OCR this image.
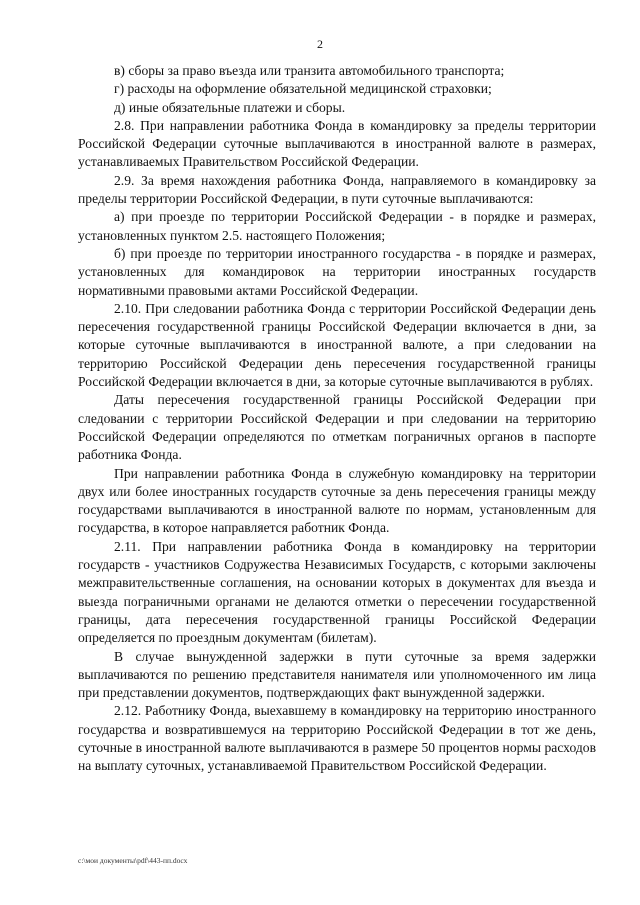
2

в) сборы за право въезда или транзита автомобильного транспорта;

г) расходы на оформление обязательной медицинской страховки;

д) иные обязательные платежи и сборы.

2.8. При направлении работника Фонда в командировку за пределы территории Российской Федерации суточные выплачиваются в иностранной валюте в размерах, устанавливаемых Правительством Российской Федерации.

2.9. За время нахождения работника Фонда, направляемого в командировку за пределы территории Российской Федерации, в пути суточные выплачиваются:

а) при проезде по территории Российской Федерации - в порядке и размерах, установленных пунктом 2.5. настоящего Положения;

б) при проезде по территории иностранного государства - в порядке и размерах, установленных для командировок на территории иностранных государств нормативными правовыми актами Российской Федерации.

2.10. При следовании работника Фонда с территории Российской Федерации день пересечения государственной границы Российской Федерации включается в дни, за которые суточные выплачиваются в иностранной валюте, а при следовании на территорию Российской Федерации день пересечения государственной границы Российской Федерации включается в дни, за которые суточные выплачиваются в рублях.

Даты пересечения государственной границы Российской Федерации при следовании с территории Российской Федерации и при следовании на территорию Российской Федерации определяются по отметкам пограничных органов в паспорте работника Фонда.

При направлении работника Фонда в служебную командировку на территории двух или более иностранных государств суточные за день пересечения границы между государствами выплачиваются в иностранной валюте по нормам, установленным для государства, в которое направляется работник Фонда.

2.11. При направлении работника Фонда в командировку на территории государств - участников Содружества Независимых Государств, с которыми заключены межправительственные соглашения, на основании которых в документах для въезда и выезда пограничными органами не делаются отметки о пересечении государственной границы, дата пересечения государственной границы Российской Федерации определяется по проездным документам (билетам).

В случае вынужденной задержки в пути суточные за время задержки выплачиваются по решению представителя нанимателя или уполномоченного им лица при представлении документов, подтверждающих факт вынужденной задержки.

2.12. Работнику Фонда, выехавшему в командировку на территорию иностранного государства и возвратившемуся на территорию Российской Федерации в тот же день, суточные в иностранной валюте выплачиваются в размере 50 процентов нормы расходов на выплату суточных, устанавливаемой Правительством Российской Федерации.

c:\мои документы\pdf\443-пп.docx
